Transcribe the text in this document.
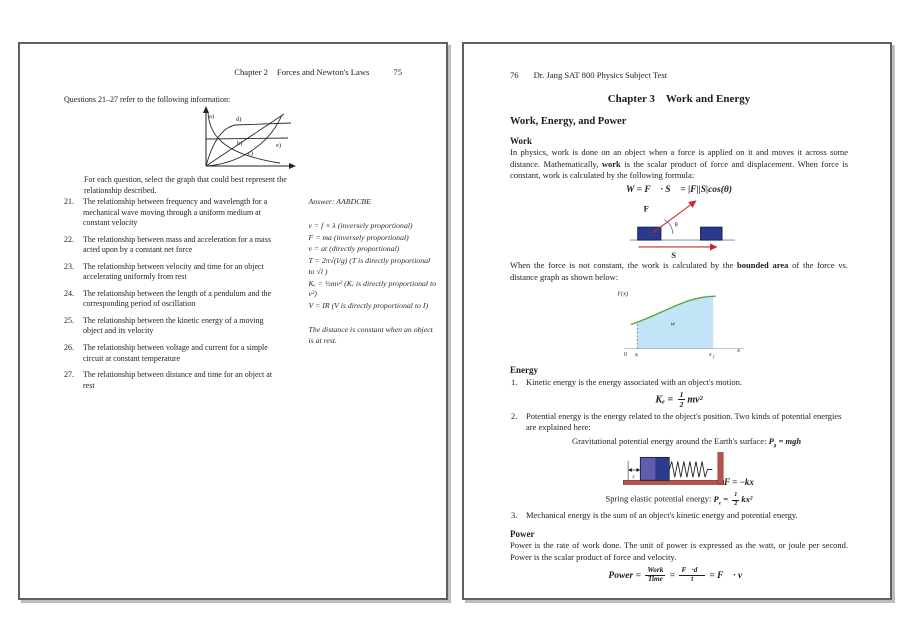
Chapter 2 Forces and Newton's Laws	75
Questions 21–27 refer to the following information:
a)
b)
c)
d)
e)
For each question, select the graph that could best represent the relationship described.
21.	The relationship between frequency and wavelength for a mechanical wave moving through a uniform medium at constant velocity
22.	The relationship between mass and acceleration for a mass acted upon by a constant net force
23.	The relationship between velocity and time for an object accelerating uniformly from rest
24.	The relationship between the length of a pendulum and the corresponding period of oscillation
25.	The relationship between the kinetic energy of a moving object and its velocity
26.	The relationship between voltage and current for a simple circuit at constant temperature
27.	The relationship between distance and time for an object at rest
Answer: AABDCBE
v = f × λ (inversely proportional)
F = ma (inversely proportional)
v = at (directly proportional)
T = 2π√(l/g) (T is directly proportional to √l )
Kₑ = ½mv² (Kₑ is directly proportional to v²)
V = IR (V is directly proportional to I)
The distance is constant when an object is at rest.
76 Dr. Jang SAT 800 Physics Subject Test
Chapter 3 Work and Energy
Work, Energy, and Power
Work
In physics, work is done on an object when a force is applied on it and moves it across some distance. Mathematically, work is the scalar product of force and displacement. When force is constant, work is calculated by the following formula:
W = F⃗ · S⃗ = |F||S|cos(θ)
F⃗
θ
S⃗
When the force is not constant, the work is calculated by the bounded area of the force vs. distance graph as shown below:
F(x)
w
0 xᵢ	x f
x
Energy
1.	Kinetic energy is the energy associated with an object's motion.
$K_e = \frac{1}{2} mv^2$
2.	Potential energy is the energy related to the object's position. Two kinds of potential energies are explained here:
Gravitational potential energy around the Earth's surface: $P_g$ = mgh
x	F = −kx
Spring elastic potential energy: $P_e = \frac{1}{2} kx^2$
3.	Mechanical energy is the sum of an object's kinetic energy and potential energy.
Power
Power is the rate of work done. The unit of power is expressed as the watt, or joule per second. Power is the scalar product of force and velocity.
Power = $\frac{\text{Work}}{\text{Time}} = \frac{F⃗\cdot d⃗}{t}$ = F⃗ · v⃗
